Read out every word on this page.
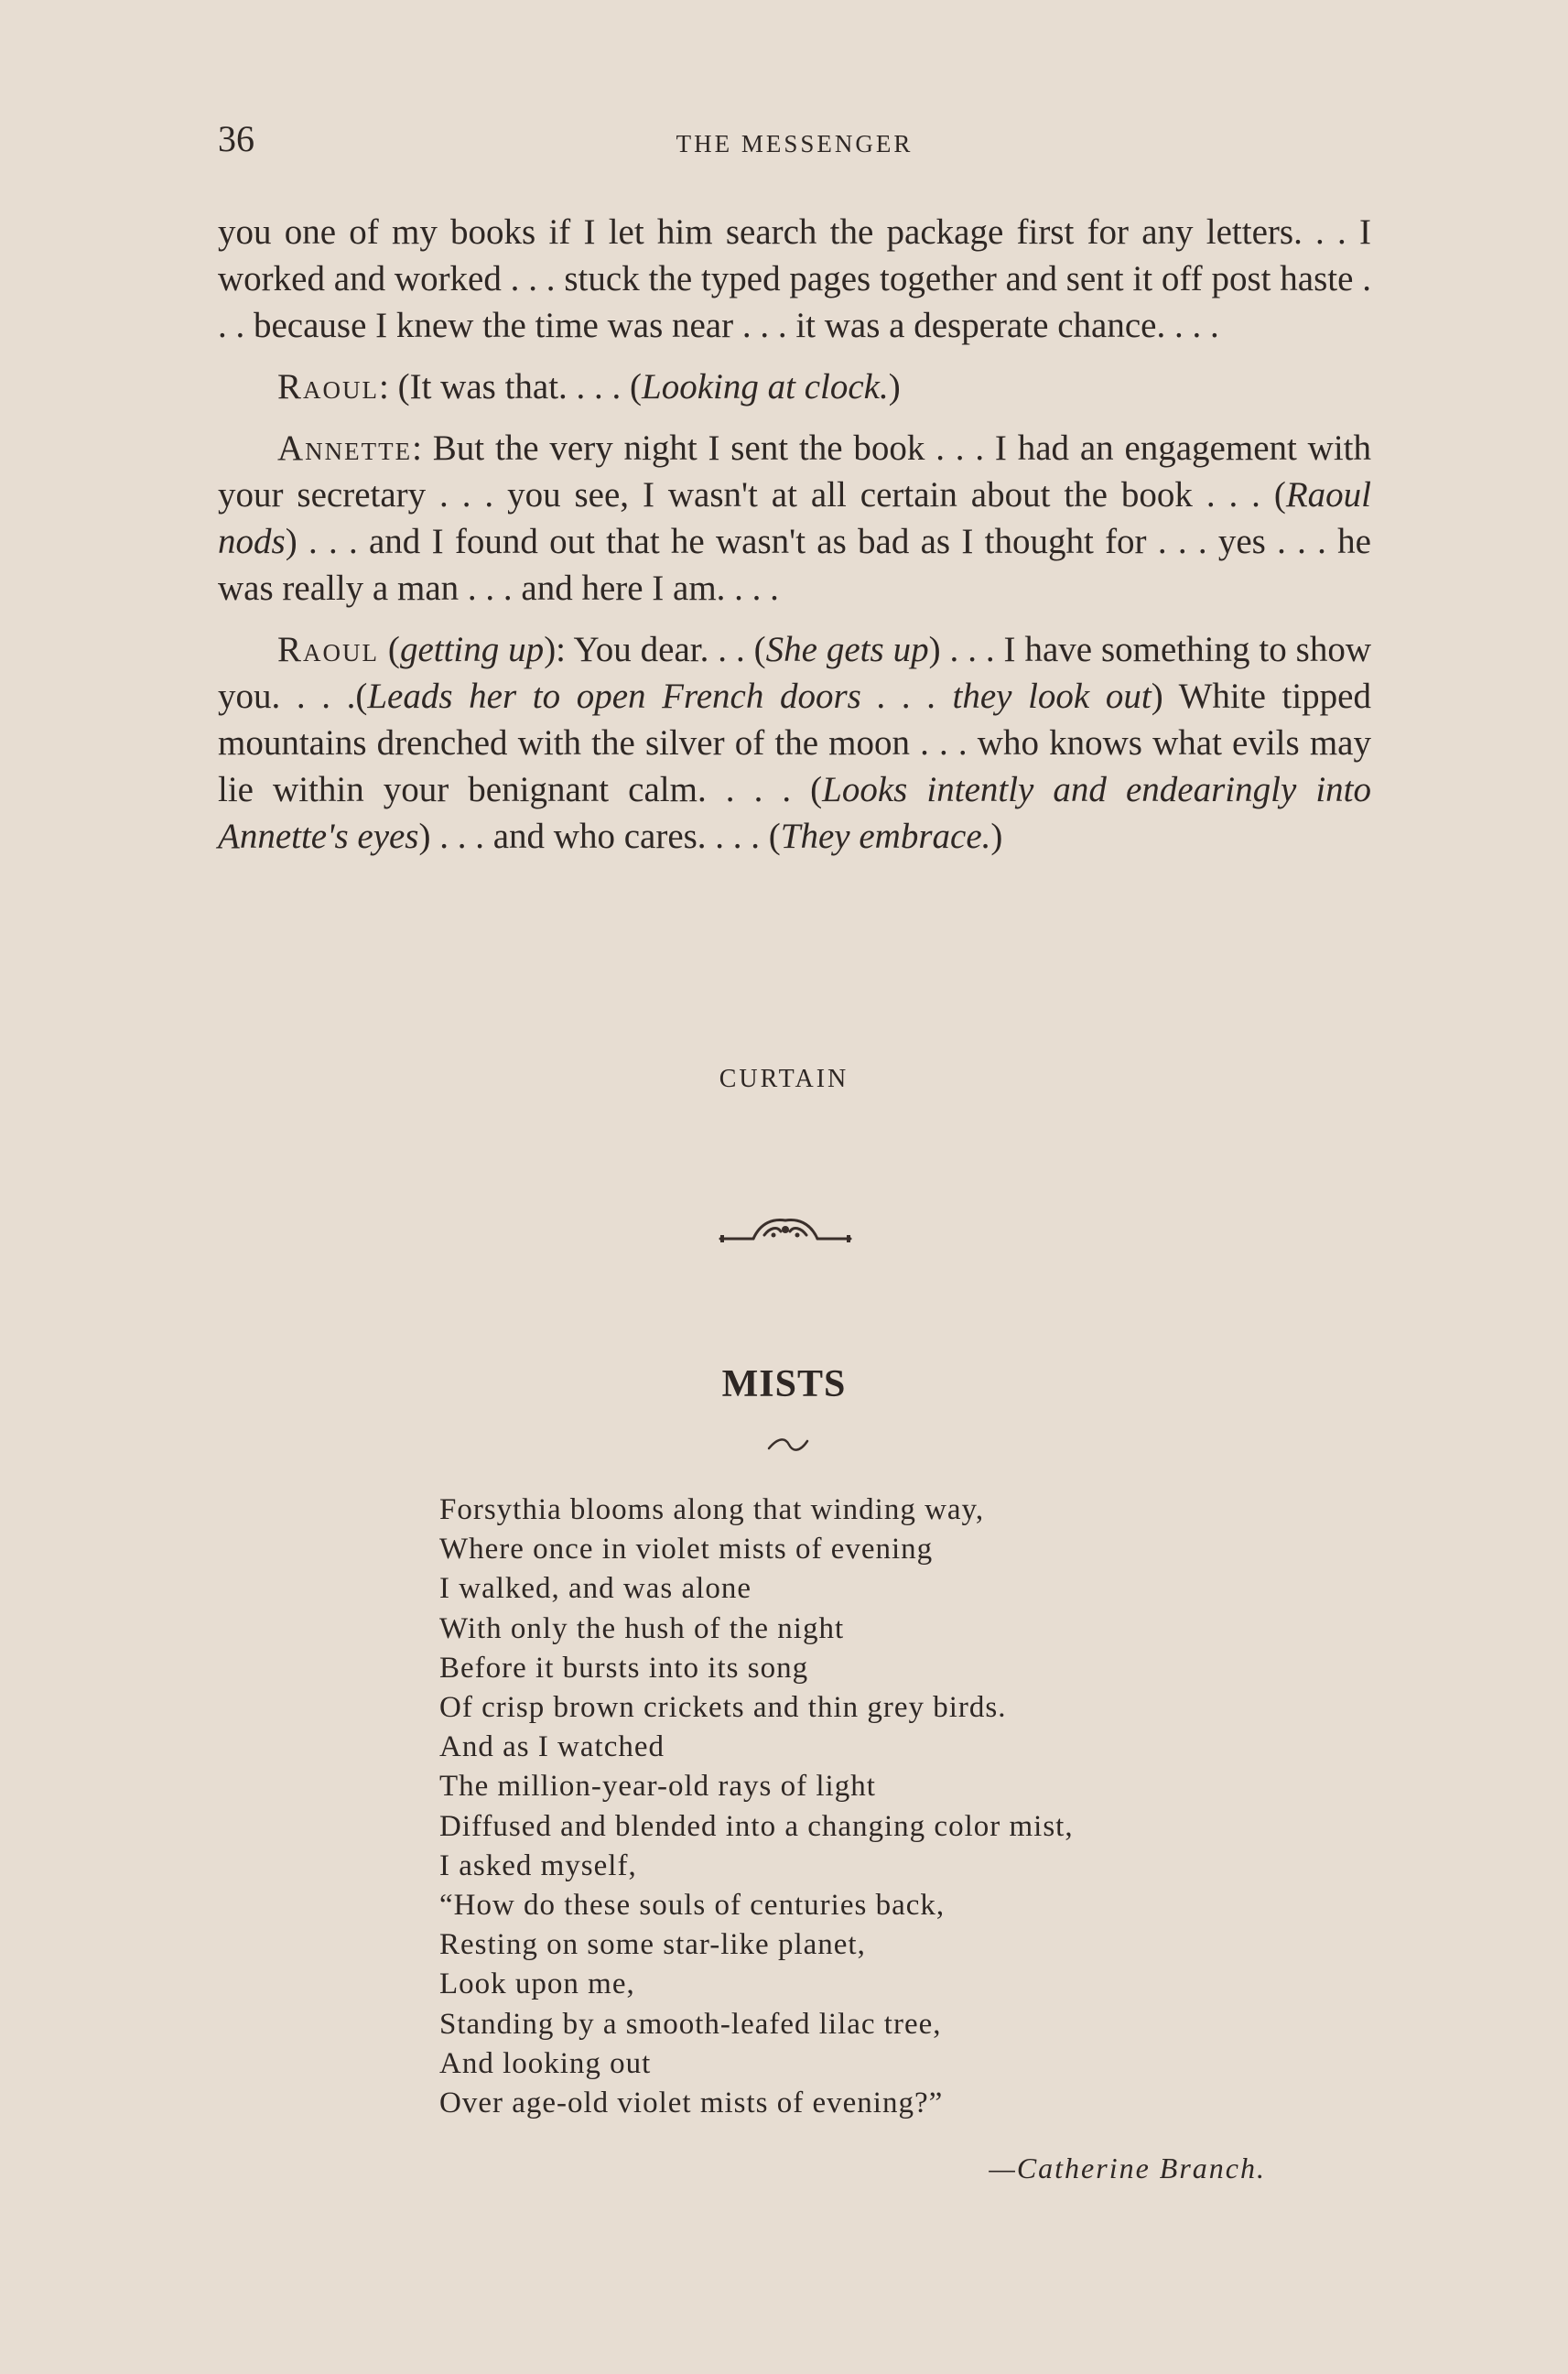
36	THE MESSENGER

you one of my books if I let him search the package first for any letters. . . I worked and worked . . . stuck the typed pages together and sent it off post haste . . . because I knew the time was near . . . it was a desperate chance. . . .

Raoul: (It was that. . . . (Looking at clock.)

Annette: But the very night I sent the book . . . I had an engagement with your secretary . . . you see, I wasn't at all certain about the book . . . (Raoul nods) . . . and I found out that he wasn't as bad as I thought for . . . yes . . . he was really a man . . . and here I am. . . .

Raoul (getting up): You dear. . . (She gets up) . . . I have something to show you. . . .(Leads her to open French doors . . . they look out) White tipped mountains drenched with the silver of the moon . . . who knows what evils may lie within your benignant calm. . . . (Looks intently and endearingly into Annette's eyes) . . . and who cares. . . . (They embrace.)

CURTAIN
MISTS
Forsythia blooms along that winding way,
Where once in violet mists of evening
I walked, and was alone
With only the hush of the night
Before it bursts into its song
Of crisp brown crickets and thin grey birds.
And as I watched
The million-year-old rays of light
Diffused and blended into a changing color mist,
I asked myself,
“How do these souls of centuries back,
Resting on some star-like planet,
Look upon me,
Standing by a smooth-leafed lilac tree,
And looking out
Over age-old violet mists of evening?”
—Catherine Branch.
